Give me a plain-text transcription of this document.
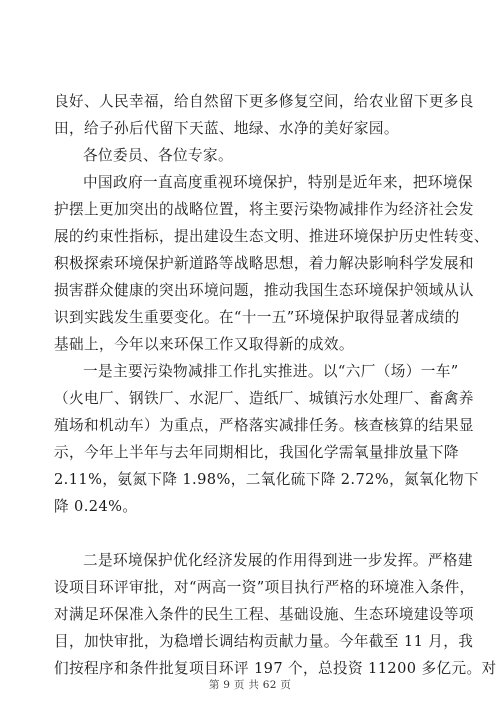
良好、人民幸福，给自然留下更多修复空间，给农业留下更多良
田，给子孙后代留下天蓝、地绿、水净的美好家园。
各位委员、各位专家。
中国政府一直高度重视环境保护，特别是近年来，把环境保
护摆上更加突出的战略位置，将主要污染物减排作为经济社会发
展的约束性指标，提出建设生态文明、推进环境保护历史性转变、
积极探索环境保护新道路等战略思想，着力解决影响科学发展和
损害群众健康的突出环境问题，推动我国生态环境保护领域从认
识到实践发生重要变化。在“十一五”环境保护取得显著成绩的
基础上，今年以来环保工作又取得新的成效。
一是主要污染物减排工作扎实推进。以“六厂（场）一车”
（火电厂、钢铁厂、水泥厂、造纸厂、城镇污水处理厂、畜禽养
殖场和机动车）为重点，严格落实减排任务。核查核算的结果显
示，今年上半年与去年同期相比，我国化学需氧量排放量下降
2.11%，氨氮下降 1.98%，二氧化硫下降 2.72%，氮氧化物下
降 0.24%。
二是环境保护优化经济发展的作用得到进一步发挥。严格建
设项目环评审批，对“两高一资”项目执行严格的环境准入条件，
对满足环保准入条件的民生工程、基础设施、生态环境建设等项
目，加快审批，为稳增长调结构贡献力量。今年截至 11 月，我
们按程序和条件批复项目环评 197 个，总投资 11200 多亿元。对
第 9 页 共 62 页
